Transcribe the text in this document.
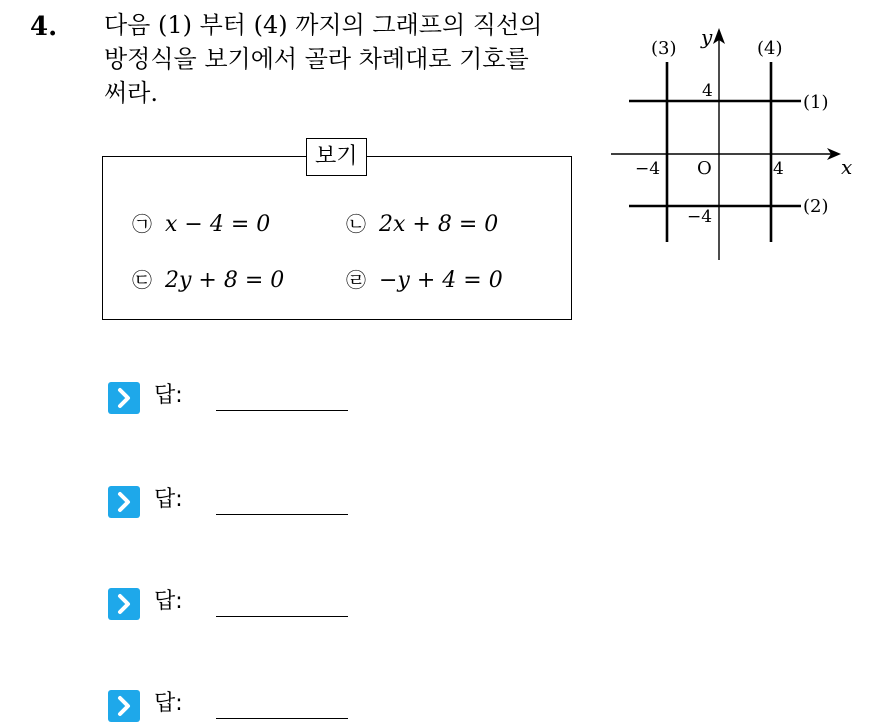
4. 다음 (1) 부터 (4) 까지의 그래프의 직선의
방정식을 보기에서 골라 차례대로 기호를
써라.
보기
㉠ x − 4 = 0	㉡ 2x + 8 = 0
㉢ 2y + 8 = 0	㉣ −y + 4 = 0
x
y
O
−4	4
4
−4
(1)
(2)
(3)	(4)
답:
답:
답:
답:
